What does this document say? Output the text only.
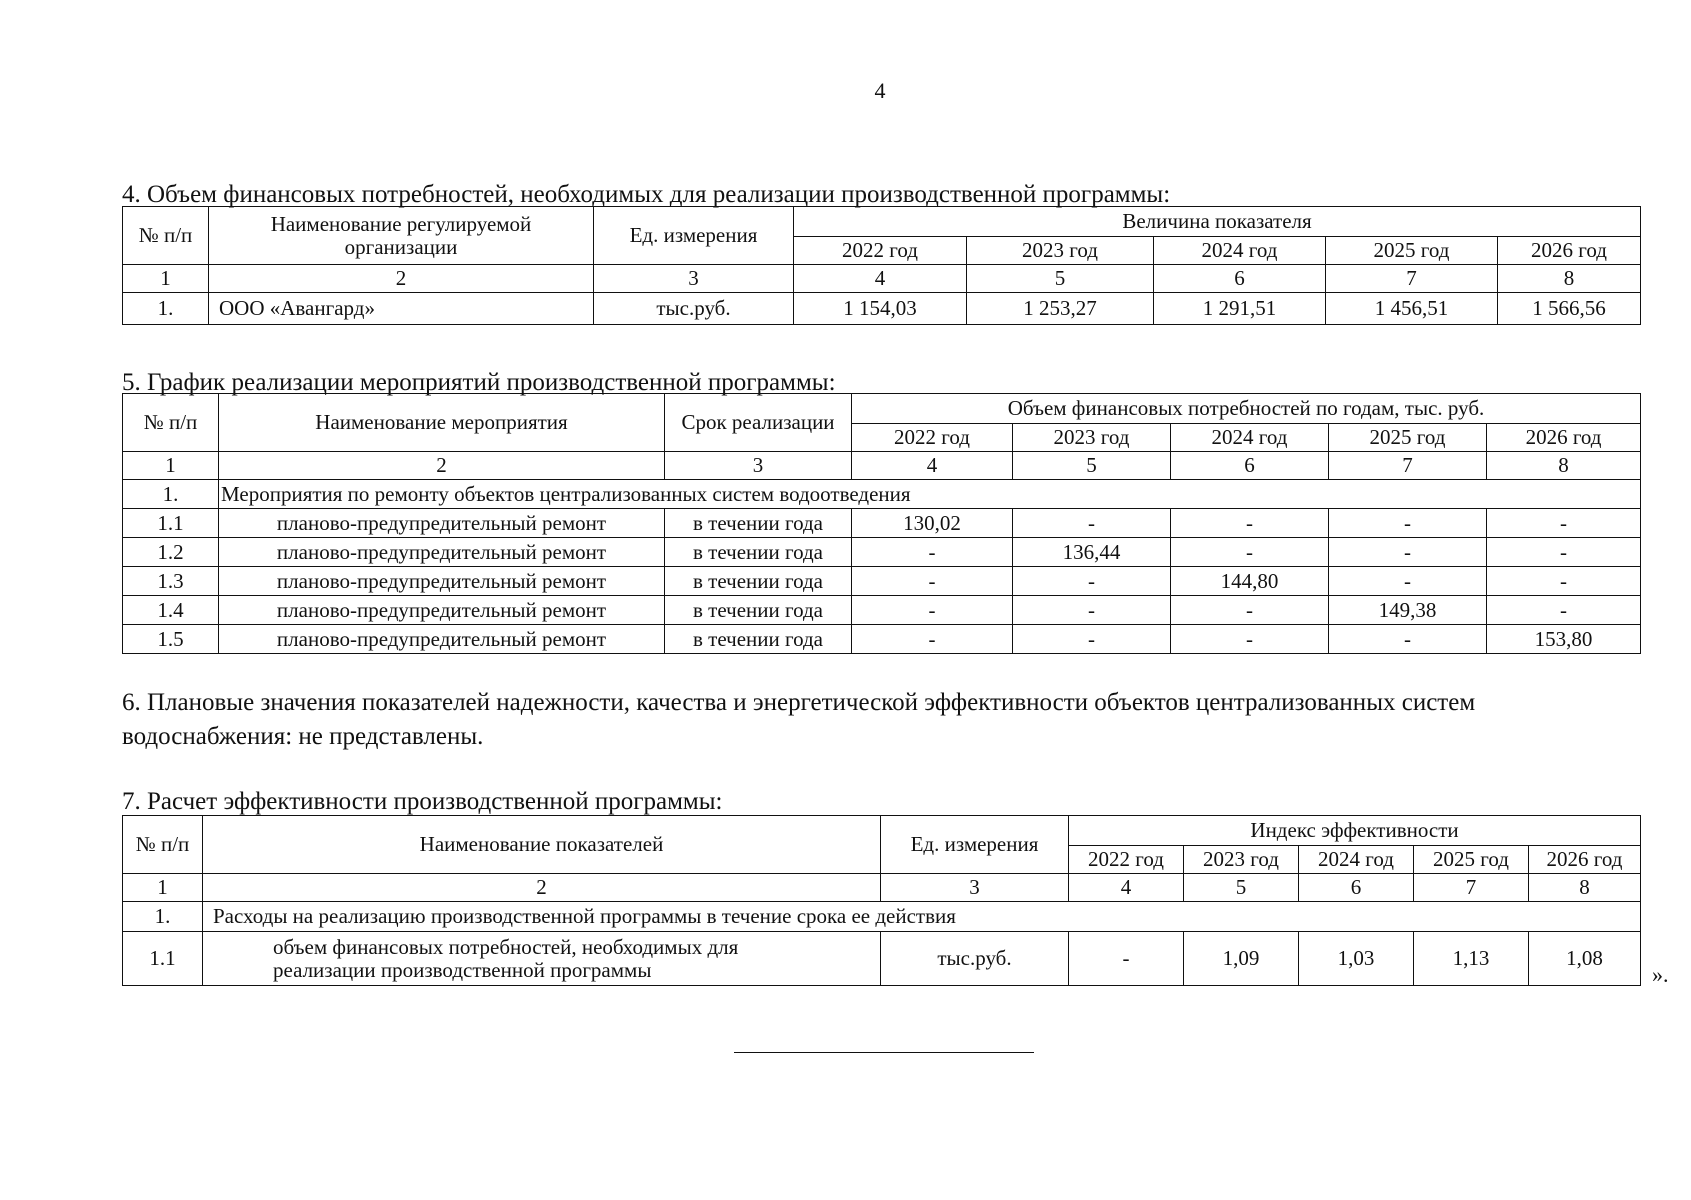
4
4. Объем финансовых потребностей, необходимых для реализации производственной программы:
№ п/п	Наименование регулируемой организации	Ед. измерения	Величина показателя				
			2022 год	2023 год	2024 год	2025 год	2026 год
1	2	3	4	5	6	7	8
1.	ООО «Авангард»	тыс.руб.	1 154,03	1 253,27	1 291,51	1 456,51	1 566,56
5. График реализации мероприятий производственной программы:
№ п/п	Наименование мероприятия	Срок реализации	Объем финансовых потребностей по годам, тыс. руб.				
			2022 год	2023 год	2024 год	2025 год	2026 год
1	2	3	4	5	6	7	8
1.	Мероприятия по ремонту объектов централизованных систем водоотведения						
1.1	планово-предупредительный ремонт	в течении года	130,02	-	-	-	-
1.2	планово-предупредительный ремонт	в течении года	-	136,44	-	-	-
1.3	планово-предупредительный ремонт	в течении года	-	-	144,80	-	-
1.4	планово-предупредительный ремонт	в течении года	-	-	-	149,38	-
1.5	планово-предупредительный ремонт	в течении года	-	-	-	-	153,80
6. Плановые значения показателей надежности, качества и энергетической эффективности объектов централизованных систем водоснабжения: не представлены.
7. Расчет эффективности производственной программы:
№ п/п	Наименование показателей	Ед. измерения	Индекс эффективности				
			2022 год	2023 год	2024 год	2025 год	2026 год
1	2	3	4	5	6	7	8
1.	Расходы на реализацию производственной программы в течение срока ее действия						
1.1	объем финансовых потребностей, необходимых для реализации производственной программы	тыс.руб.	-	1,09	1,03	1,13	1,08
».
